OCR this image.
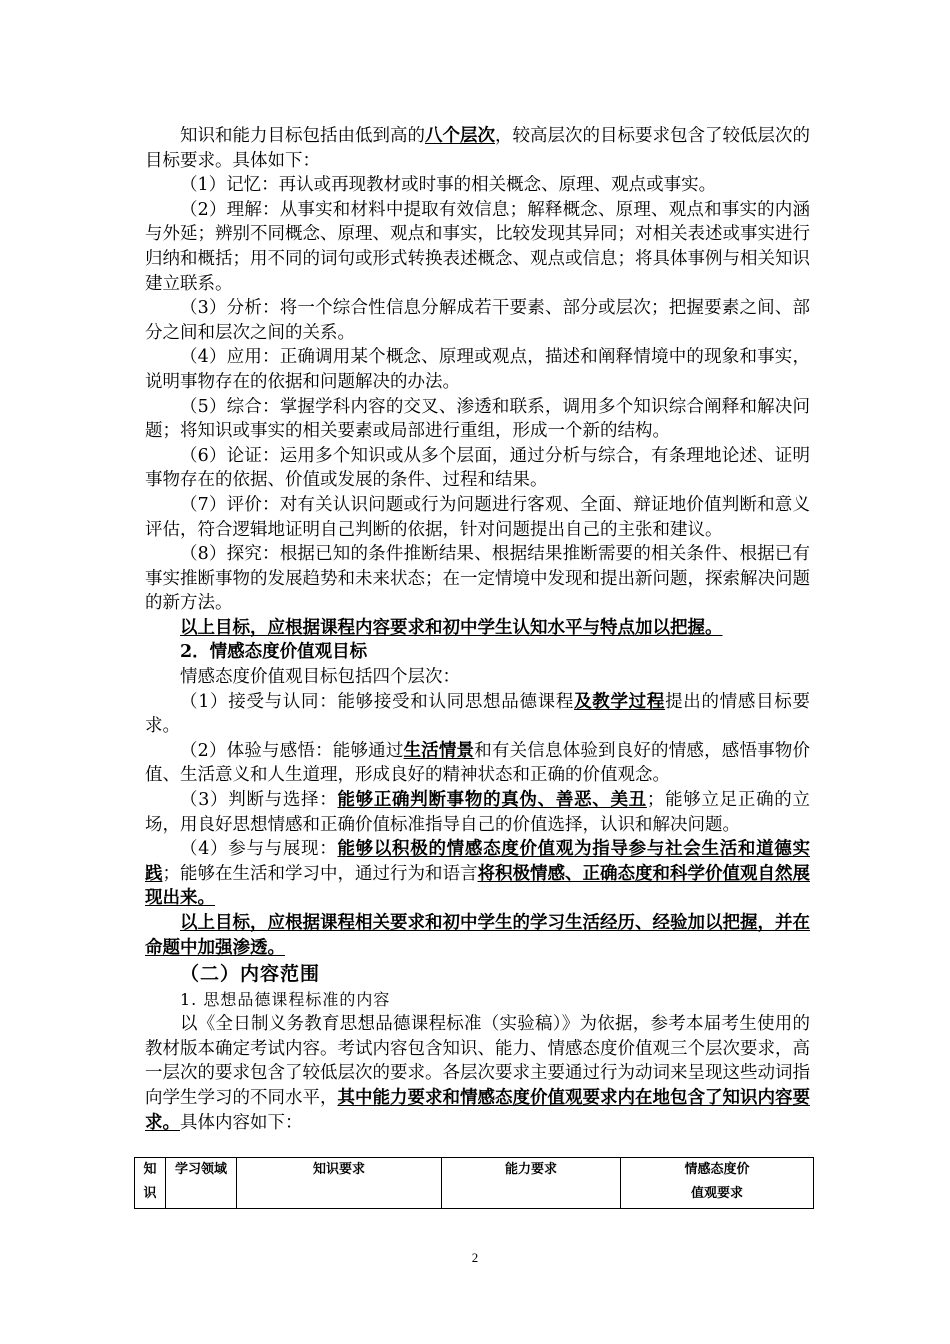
知识和能力目标包括由低到高的八个层次，较高层次的目标要求包含了较低层次的目标要求。具体如下：

（1）记忆：再认或再现教材或时事的相关概念、原理、观点或事实。

（2）理解：从事实和材料中提取有效信息；解释概念、原理、观点和事实的内涵与外延；辨别不同概念、原理、观点和事实，比较发现其异同；对相关表述或事实进行归纳和概括；用不同的词句或形式转换表述概念、观点或信息；将具体事例与相关知识建立联系。

（3）分析：将一个综合性信息分解成若干要素、部分或层次；把握要素之间、部分之间和层次之间的关系。

（4）应用：正确调用某个概念、原理或观点，描述和阐释情境中的现象和事实，说明事物存在的依据和问题解决的办法。

（5）综合：掌握学科内容的交叉、渗透和联系，调用多个知识综合阐释和解决问题；将知识或事实的相关要素或局部进行重组，形成一个新的结构。

（6）论证：运用多个知识或从多个层面，通过分析与综合，有条理地论述、证明事物存在的依据、价值或发展的条件、过程和结果。

（7）评价：对有关认识问题或行为问题进行客观、全面、辩证地价值判断和意义评估，符合逻辑地证明自己判断的依据，针对问题提出自己的主张和建议。

（8）探究：根据已知的条件推断结果、根据结果推断需要的相关条件、根据已有事实推断事物的发展趋势和未来状态；在一定情境中发现和提出新问题，探索解决问题的新方法。

以上目标，应根据课程内容要求和初中学生认知水平与特点加以把握。

2．情感态度价值观目标

情感态度价值观目标包括四个层次：

（1）接受与认同：能够接受和认同思想品德课程及教学过程提出的情感目标要求。

（2）体验与感悟：能够通过生活情景和有关信息体验到良好的情感，感悟事物价值、生活意义和人生道理，形成良好的精神状态和正确的价值观念。

（3）判断与选择：能够正确判断事物的真伪、善恶、美丑；能够立足正确的立场，用良好思想情感和正确价值标准指导自己的价值选择，认识和解决问题。

（4）参与与展现：能够以积极的情感态度价值观为指导参与社会生活和道德实践；能够在生活和学习中，通过行为和语言将积极情感、正确态度和科学价值观自然展现出来。

以上目标，应根据课程相关要求和初中学生的学习生活经历、经验加以把握，并在命题中加强渗透。

（二）内容范围

1. 思想品德课程标准的内容

以《全日制义务教育思想品德课程标准（实验稿）》为依据，参考本届考生使用的教材版本确定考试内容。考试内容包含知识、能力、情感态度价值观三个层次要求，高一层次的要求包含了较低层次的要求。各层次要求主要通过行为动词来呈现这些动词指向学生学习的不同水平，其中能力要求和情感态度价值观要求内在地包含了知识内容要求。具体内容如下：

知识	学习领域	知识要求	能力要求	情感态度价值观要求
2
